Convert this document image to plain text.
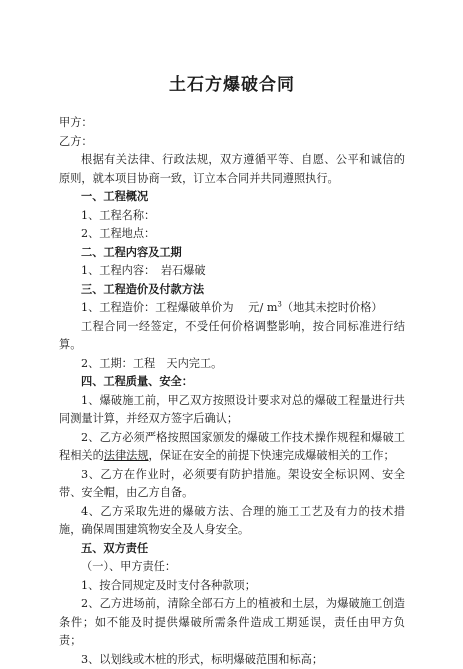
土石方爆破合同
甲方：
乙方：
根据有关法律、行政法规，双方遵循平等、自愿、公平和诚信的原则，就本项目协商一致，订立本合同并共同遵照执行。
一、工程概况
1、工程名称：
2、工程地点：
二、工程内容及工期
1、工程内容：　岩石爆破
三、工程造价及付款方法
1、工程造价：工程爆破单价为　 元/ $m^3$（地其未挖时价格）
工程合同一经签定，不受任何价格调整影响，按合同标准进行结算。
2、工期：工程　天内完工。
四、工程质量、安全：
1、爆破施工前，甲乙双方按照设计要求对总的爆破工程量进行共同测量计算，并经双方签字后确认；
2、乙方必须严格按照国家颁发的爆破工作技术操作规程和爆破工程相关的法律法规，保证在安全的前提下快速完成爆破相关的工作；
3、乙方在作业时，必须要有防护措施。架设安全标识网、安全带、安全帽，由乙方自备。
4、乙方采取先进的爆破方法、合理的施工工艺及有力的技术措施，确保周围建筑物安全及人身安全。
五、双方责任
（一）、甲方责任：
1、按合同规定及时支付各种款项；
2、乙方进场前，清除全部石方上的植被和土层，为爆破施工创造条件；如不能及时提供爆破所需条件造成工期延误，责任由甲方负责；
3、以划线或木桩的形式，标明爆破范围和标高；
